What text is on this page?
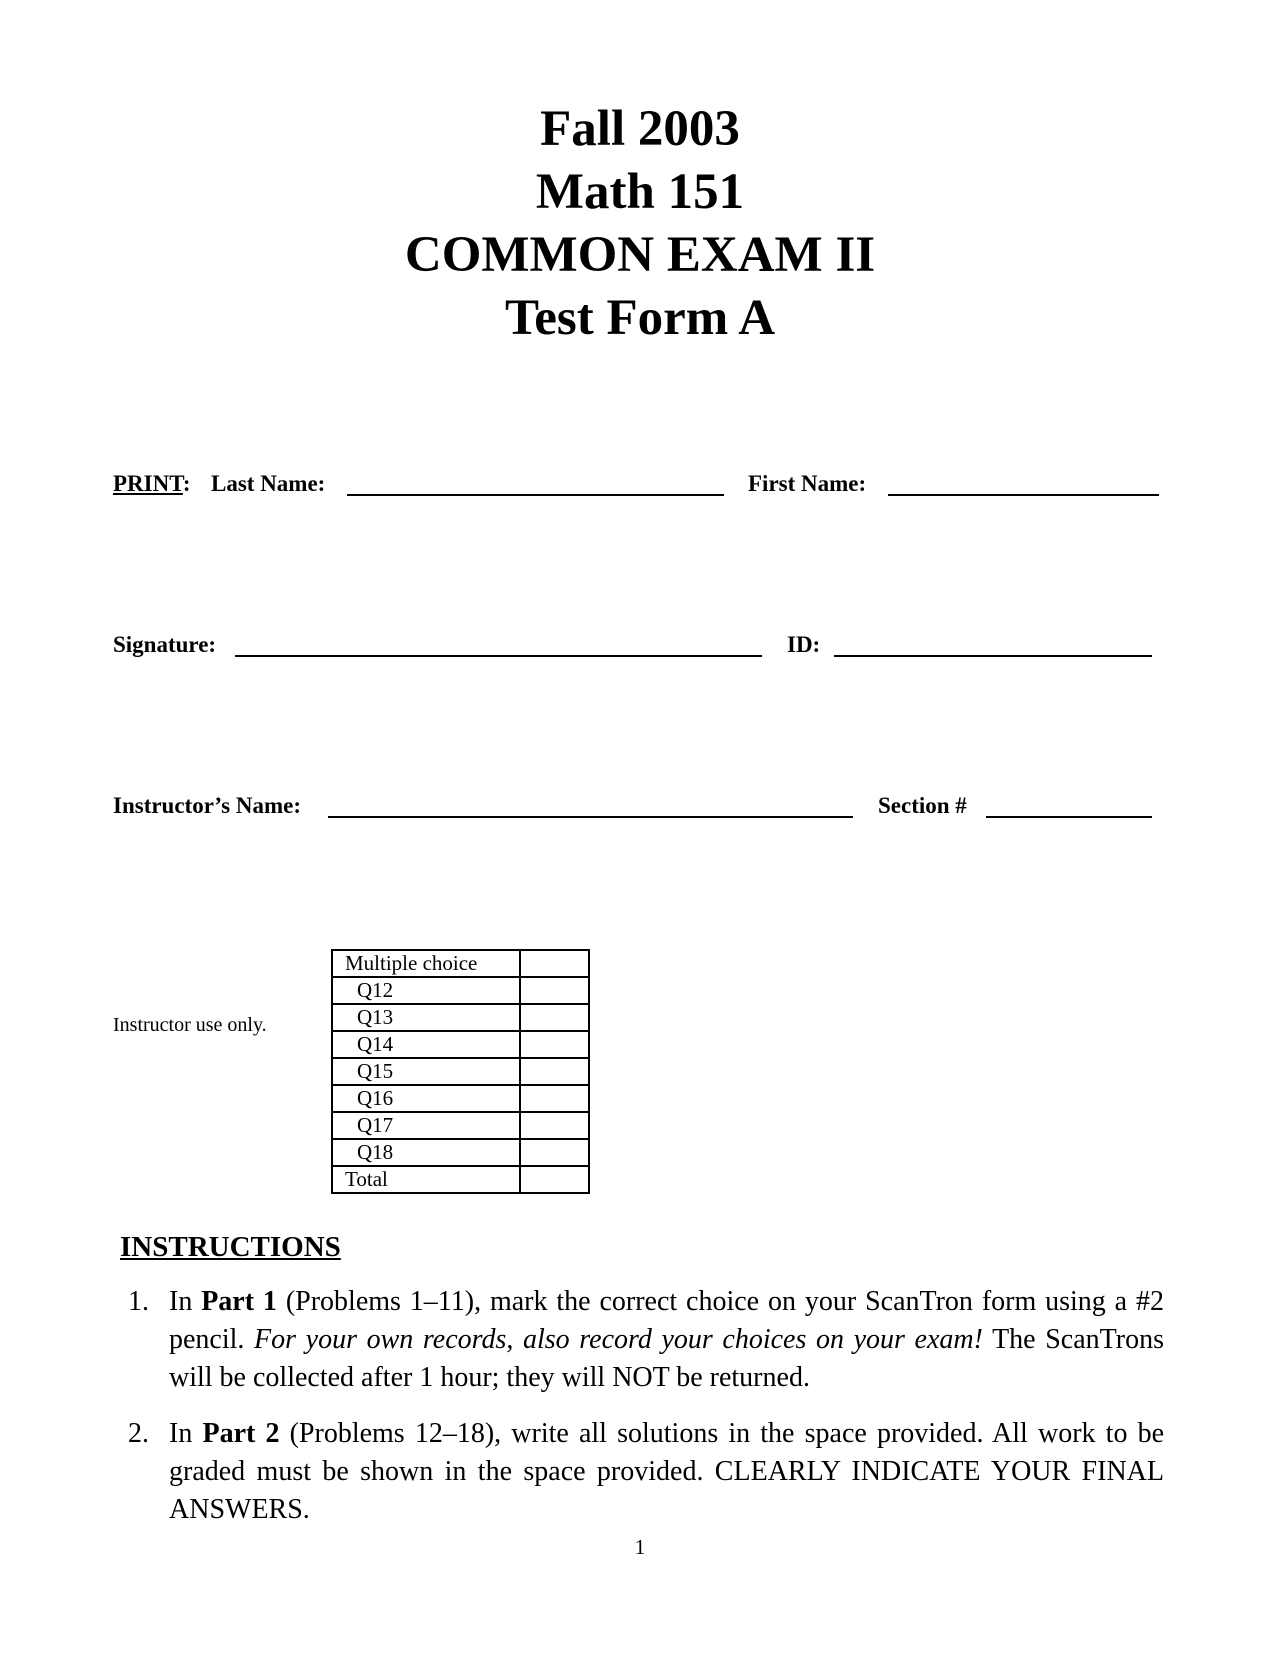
Fall 2003
Math 151
COMMON EXAM II
Test Form A
PRINT: Last Name:	First Name:
Signature:	ID:
Instructor’s Name:	Section #
Instructor use only.
Multiple choice	
Q12	
Q13	
Q14	
Q15	
Q16	
Q17	
Q18	
Total	
INSTRUCTIONS
1. In Part 1 (Problems 1–11), mark the correct choice on your ScanTron form using a #2 pencil. For your own records, also record your choices on your exam! The ScanTrons will be collected after 1 hour; they will NOT be returned.
2. In Part 2 (Problems 12–18), write all solutions in the space provided. All work to be graded must be shown in the space provided. CLEARLY INDICATE YOUR FINAL ANSWERS.
1
